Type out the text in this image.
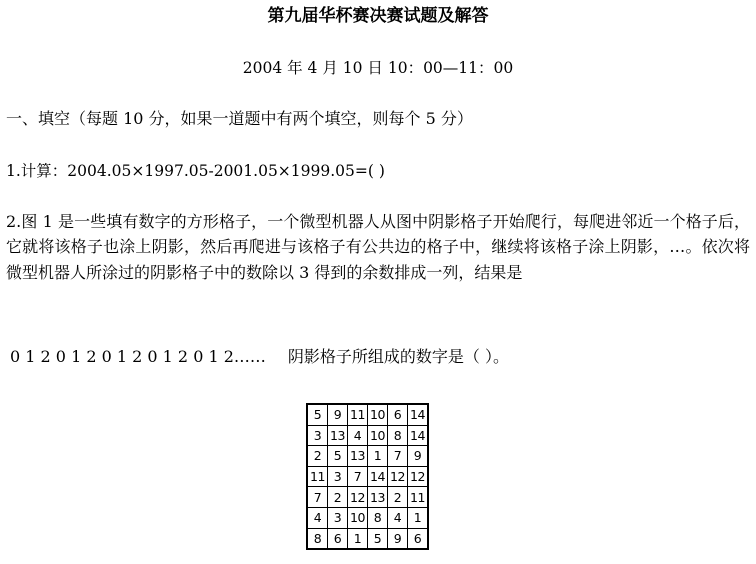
第九届华杯赛决赛试题及解答

2004 年 4 月 10 日 10：00—11：00

一、填空（每题 10 分，如果一道题中有两个填空，则每个 5 分）

1.计算：2004.05×1997.05-2001.05×1999.05=( )

2.图 1 是一些填有数字的方形格子，一个微型机器人从图中阴影格子开始爬行，每爬进邻近一个格子后，它就将该格子也涂上阴影，然后再爬进与该格子有公共边的格子中，继续将该格子涂上阴影，…。依次将微型机器人所涂过的阴影格子中的数除以 3 得到的余数排成一列，结果是

0 1 2 0 1 2 0 1 2 0 1 2 0 1 2…… 阴影格子所组成的数字是（ ）。

5	9	11	10	6	14
3	13	4	10	8	14
2	5	13	1	7	9
11	3	7	14	12	12
7	2	12	13	2	11
4	3	10	8	4	1
8	6	1	5	9	6
